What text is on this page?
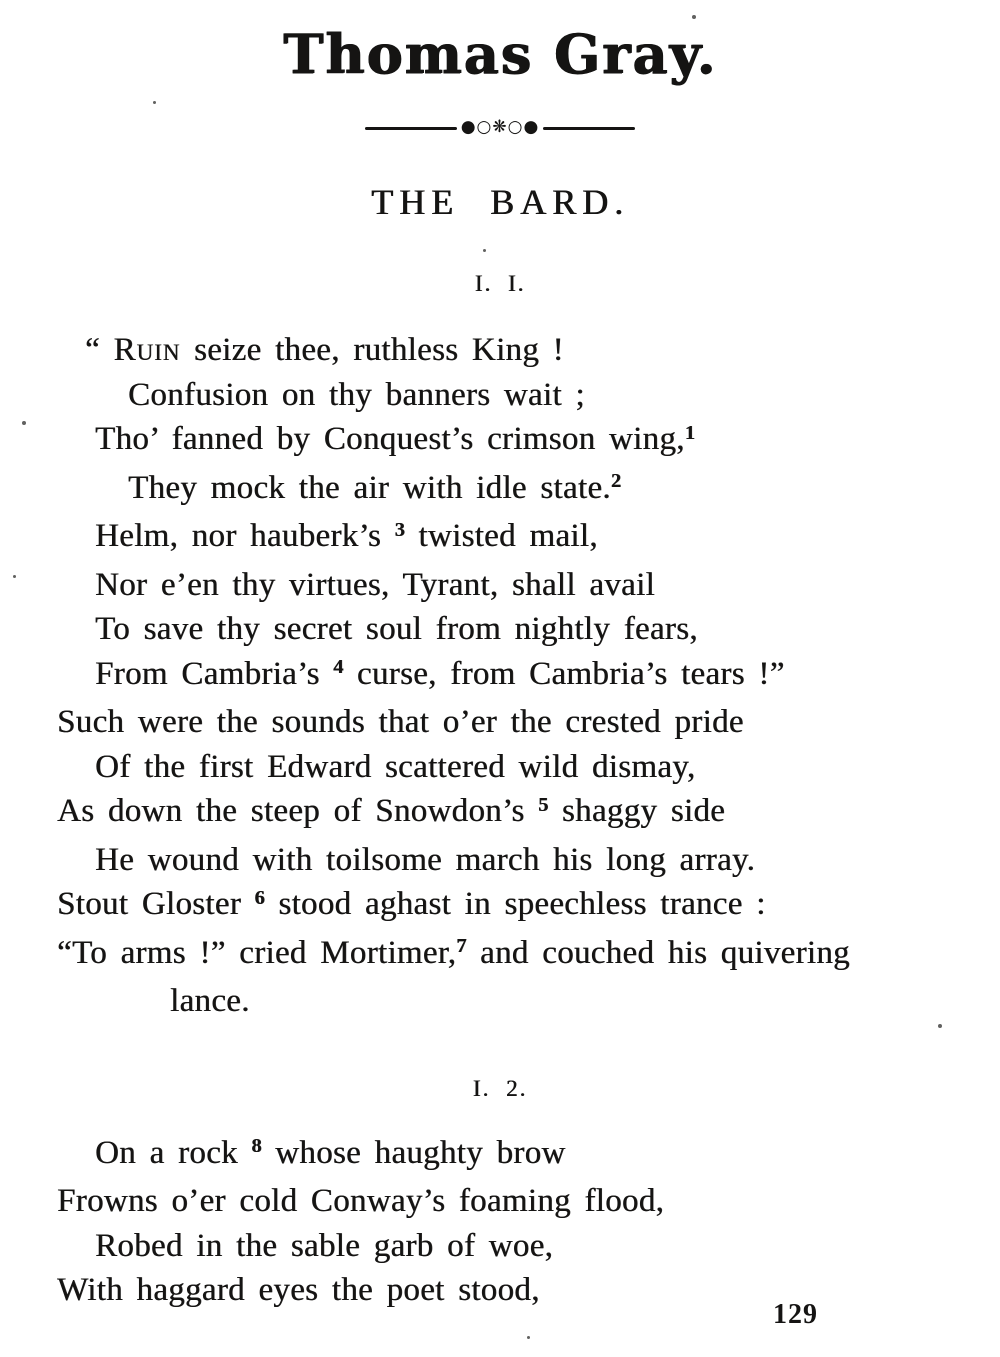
Thomas Gray.
●○❋○●
THE BARD.
I. I.
“ Ruin seize thee, ruthless King !
Confusion on thy banners wait ;
Tho’ fanned by Conquest’s crimson wing,$^1$
They mock the air with idle state.$^2$
Helm, nor hauberk’s $^3$ twisted mail,
Nor e’en thy virtues, Tyrant, shall avail
To save thy secret soul from nightly fears,
From Cambria’s $^4$ curse, from Cambria’s tears !”
Such were the sounds that o’er the crested pride
Of the first Edward scattered wild dismay,
As down the steep of Snowdon’s $^5$ shaggy side
He wound with toilsome march his long array.
Stout Gloster $^6$ stood aghast in speechless trance :
“To arms !” cried Mortimer,$^7$ and couched his quivering
lance.
I. 2.
On a rock $^8$ whose haughty brow
Frowns o’er cold Conway’s foaming flood,
Robed in the sable garb of woe,
With haggard eyes the poet stood,
129
